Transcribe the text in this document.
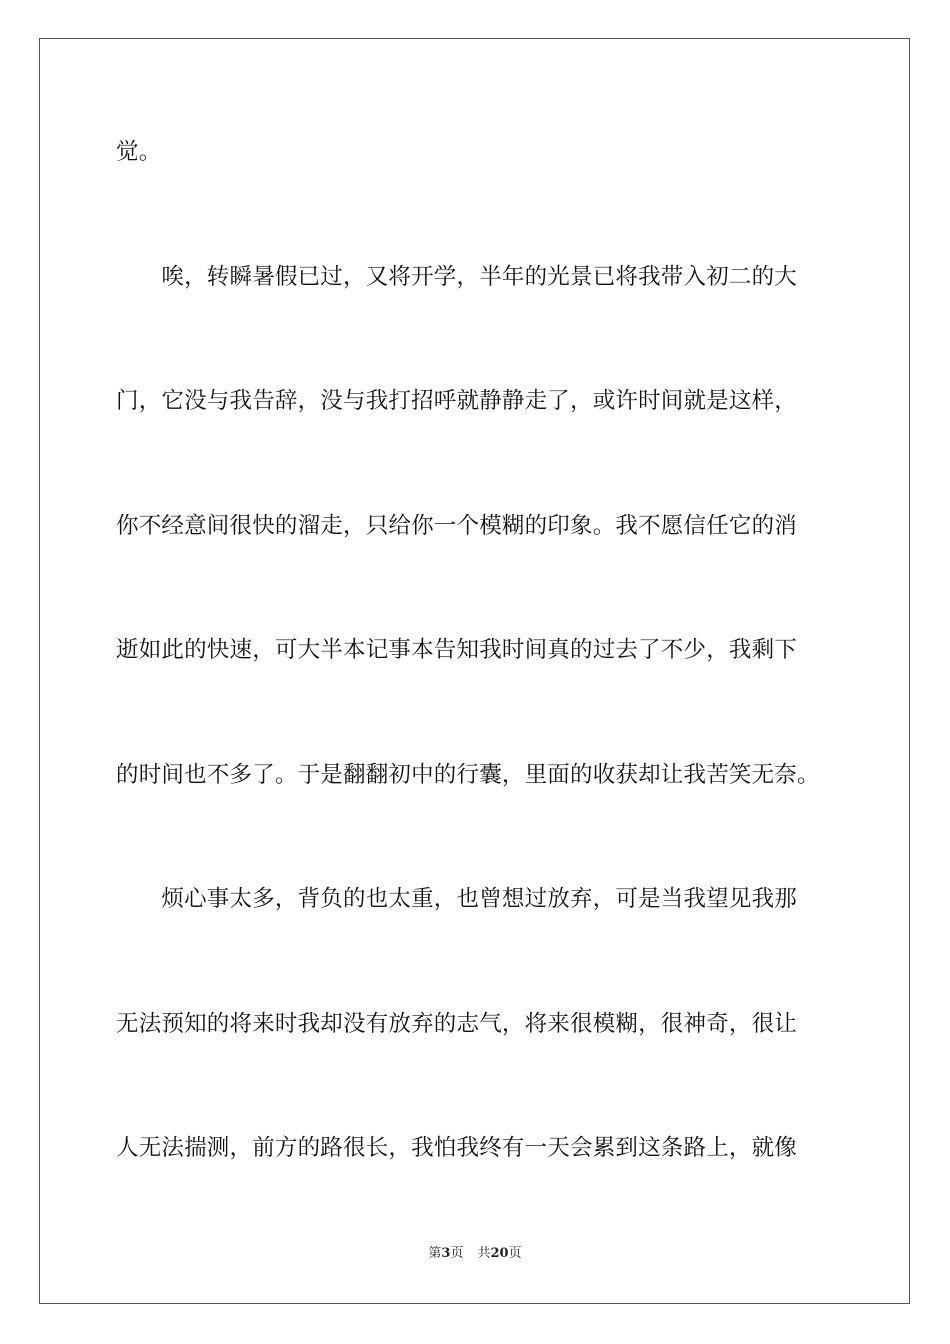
觉。
　　唉，转瞬暑假已过，又将开学，半年的光景已将我带入初二的大
门，它没与我告辞，没与我打招呼就静静走了，或许时间就是这样，
你不经意间很快的溜走，只给你一个模糊的印象。我不愿信任它的消
逝如此的快速，可大半本记事本告知我时间真的过去了不少，我剩下
的时间也不多了。于是翻翻初中的行囊，里面的收获却让我苦笑无奈。
　　烦心事太多，背负的也太重，也曾想过放弃，可是当我望见我那
无法预知的将来时我却没有放弃的志气，将来很模糊，很神奇，很让
人无法揣测，前方的路很长，我怕我终有一天会累到这条路上，就像
第3页 共20页
